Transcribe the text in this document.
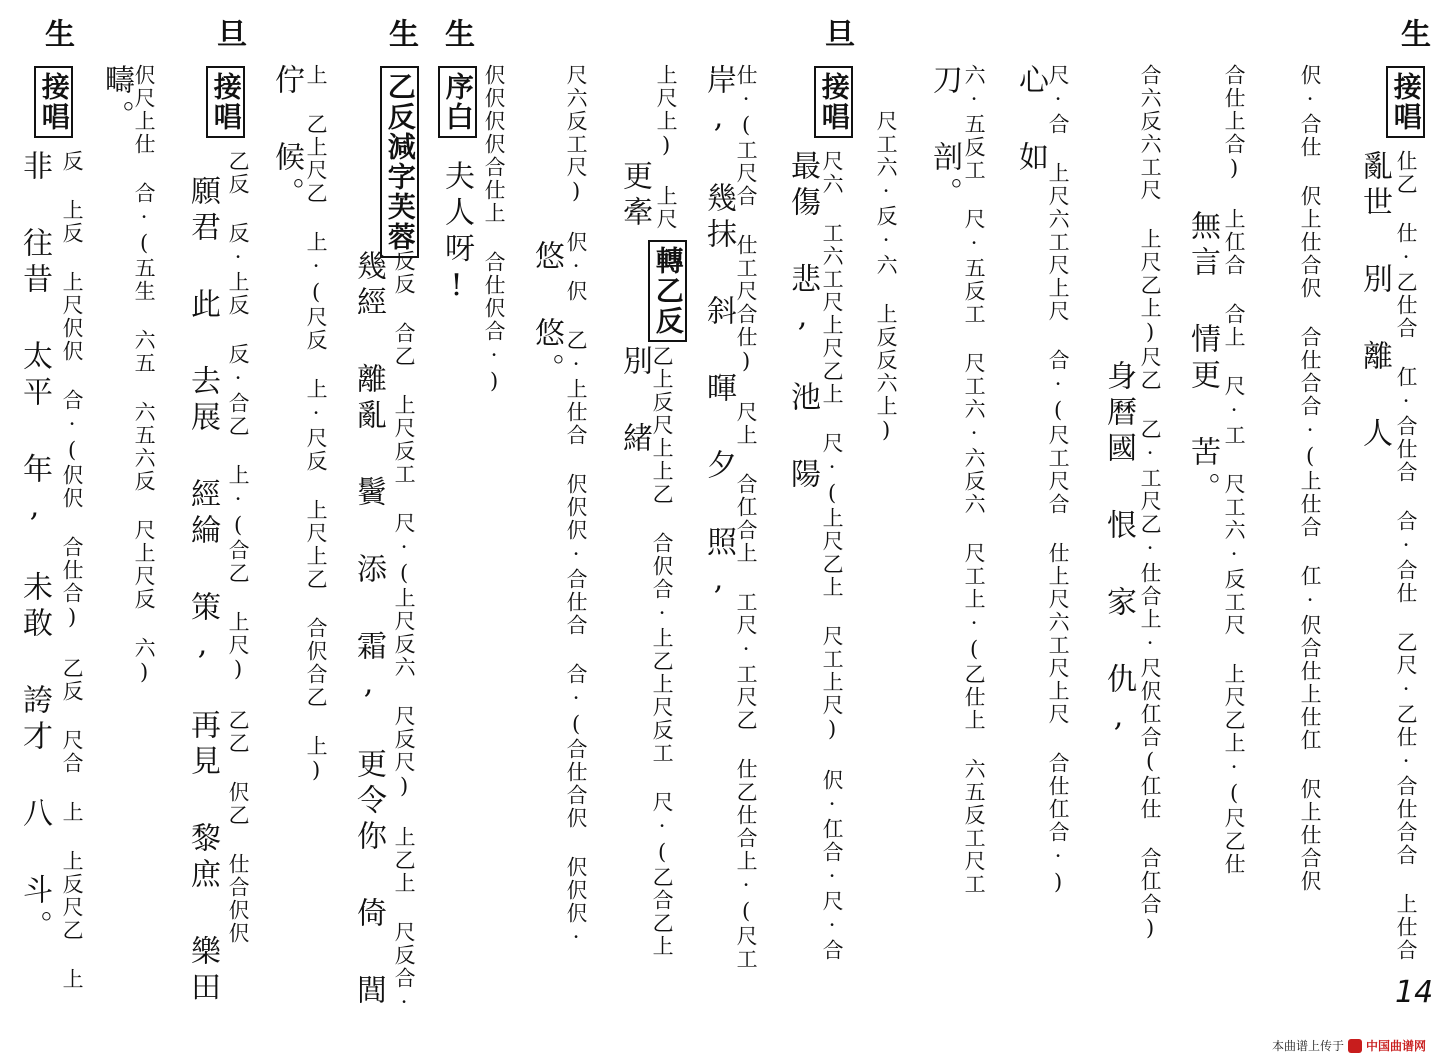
生
接唱
仩乙 仕·乙仕合 仜·合仕合 合·合仕 乙尺·乙仕·合仕合合 上仕合
亂世 別 離 人
伬·合仕 伬上仕合伬 合仕合合·(上仕合 仜·伬合仕上仕仜 伬上仕合伬
合仕上合) 上仜合 合上 尺·工 尺工六·反工尺 上尺乙上·(尺乙仕
無言 情更 苦。
合六反六工尺 上尺乙上)尺乙 乙·工尺乙·仕合上·尺伬仜合(仜仕 合仜合)
身曆國 恨 家 仇,
尺·合 上尺六工尺上尺 合·(尺工尺合 仕上尺六工尺上尺 合仕仜合·)
心 如
六·五反工 尺·五反工 尺工六·六反六 尺工上·(乙仕上 六五反工尺工
刀 剖。
尺工六·反·六 上反反六上)
旦
接唱
尺六 工六工尺上尺乙上 尺·(上尺乙上 尺工上尺) 伬·仜合·尺·合
最傷 悲, 池 陽
仕·(工尺合 仕工尺合仕) 尺上 合仜合上 工尺·工尺乙 仕乙仕合上·(尺工
岸, 幾抹 斜 暉 夕 照,
上尺上) 上尺
更牽
轉乙反
乙上反尺上上乙 合伬合·上乙上尺反工 尺·(乙合乙上
別 緒
尺六反工尺) 伬·伬 乙·上仕合 伬伬伬·合仕合 合·(合仕合伬 伬伬伬·
悠 悠。
伬伬伬伬合仕上 合仕伬合·)
生
序白
夫人呀!
生
乙反減字芙蓉
反反 合乙 上尺反工 尺·(上尺反六 尺反尺) 上乙上 尺反合·
幾經 離亂 鬢 添 霜, 更令你 倚 閭
上 乙上尺乙 上·(尺反 上·尺反 上尺上乙 合伬合乙 上)
佇 候。
旦
接唱
乙反 反·上反 反·合乙 上·(合乙 上尺) 乙乙 伬乙 仕合伬伬
願君 此 去展 經綸 策, 再見 黎庶 樂田
伬尺上仕 合·(五生 六五 六五六反 尺上尺反 六)
疇。
生
接唱
反 上反 上尺伬伬 合·(伬伬 合仕合) 乙反 尺合 上 上反尺乙 上
非 往昔 太平 年, 未敢 誇才 八 斗。
14
本曲谱上传于 中国曲谱网
